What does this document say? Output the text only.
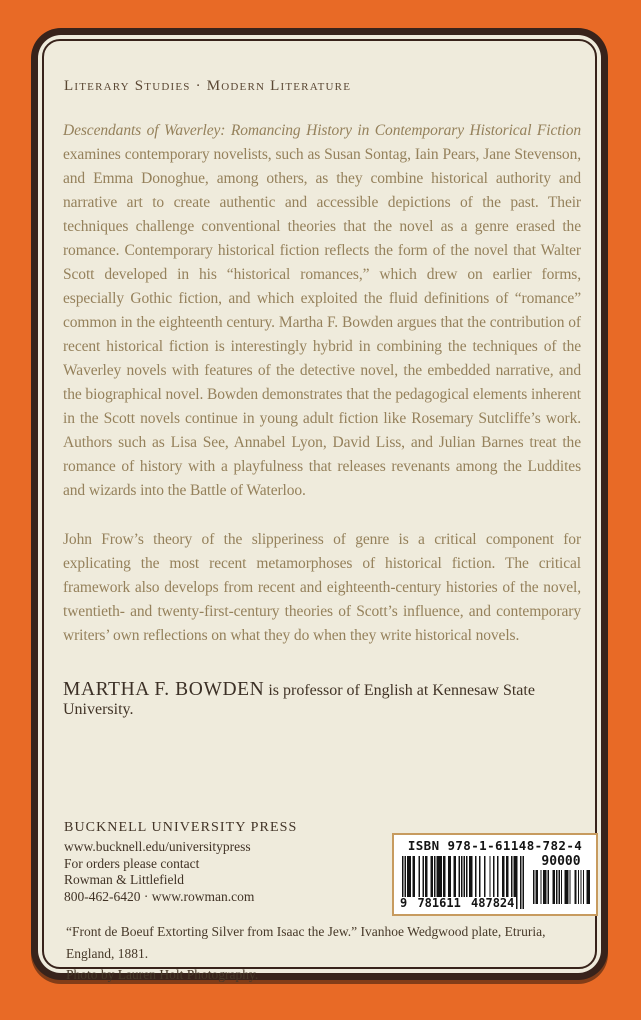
Literary Studies · Modern Literature

Descendants of Waverley: Romancing History in Contemporary Historical Fiction examines contemporary novelists, such as Susan Sontag, Iain Pears, Jane Stevenson, and Emma Donoghue, among others, as they combine historical authority and narrative art to create authentic and accessible depictions of the past. Their techniques challenge conventional theories that the novel as a genre erased the romance. Contemporary historical fiction reflects the form of the novel that Walter Scott developed in his “historical romances,” which drew on earlier forms, especially Gothic fiction, and which exploited the fluid definitions of “romance” common in the eighteenth century. Martha F. Bowden argues that the contribution of recent historical fiction is interestingly hybrid in combining the techniques of the Waverley novels with features of the detective novel, the embedded narrative, and the biographical novel. Bowden demonstrates that the pedagogical elements inherent in the Scott novels continue in young adult fiction like Rosemary Sutcliffe’s work. Authors such as Lisa See, Annabel Lyon, David Liss, and Julian Barnes treat the romance of history with a playfulness that releases revenants among the Luddites and wizards into the Battle of Waterloo.

John Frow’s theory of the slipperiness of genre is a critical component for explicating the most recent metamorphoses of historical fiction. The critical framework also develops from recent and eighteenth-century histories of the novel, twentieth- and twenty-first-century theories of Scott’s influence, and contemporary writers’ own reflections on what they do when they write historical novels.

MARTHA F. BOWDEN is professor of English at Kennesaw State University.

BUCKNELL UNIVERSITY PRESS
www.bucknell.edu/universitypress
For orders please contact
Rowman & Littlefield
800-462-6420 · www.rowman.com
ISBN 978-1-61148-782-4
9 781611 487824
90000
“Front de Boeuf Extorting Silver from Isaac the Jew.” Ivanhoe Wedgwood plate, Etruria, England, 1881.
Photo by Lauren Holt Photography.
